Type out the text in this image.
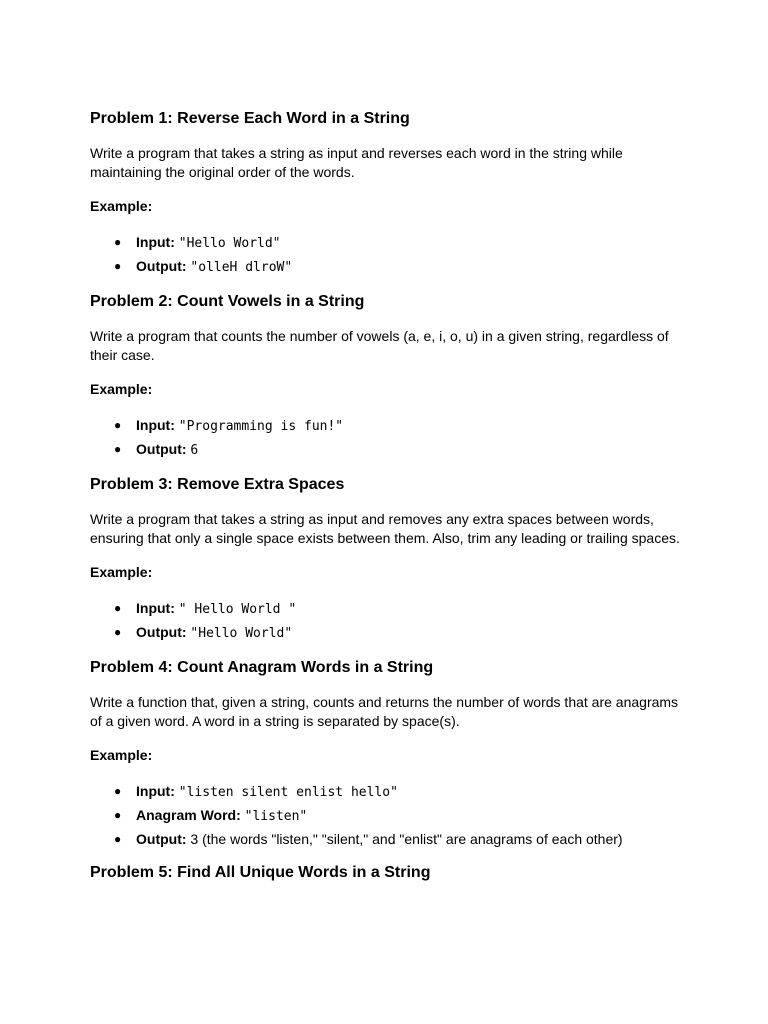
Problem 1: Reverse Each Word in a String

Write a program that takes a string as input and reverses each word in the string while maintaining the original order of the words.

Example:

● Input: "Hello World"
● Output: "olleH dlroW"
Problem 2: Count Vowels in a String

Write a program that counts the number of vowels (a, e, i, o, u) in a given string, regardless of their case.

Example:

● Input: "Programming is fun!"
● Output: 6
Problem 3: Remove Extra Spaces

Write a program that takes a string as input and removes any extra spaces between words, ensuring that only a single space exists between them. Also, trim any leading or trailing spaces.

Example:

● Input: " Hello World "
● Output: "Hello World"
Problem 4: Count Anagram Words in a String

Write a function that, given a string, counts and returns the number of words that are anagrams of a given word. A word in a string is separated by space(s).

Example:

● Input: "listen silent enlist hello"
● Anagram Word: "listen"
● Output: 3 (the words "listen," "silent," and "enlist" are anagrams of each other)
Problem 5: Find All Unique Words in a String
